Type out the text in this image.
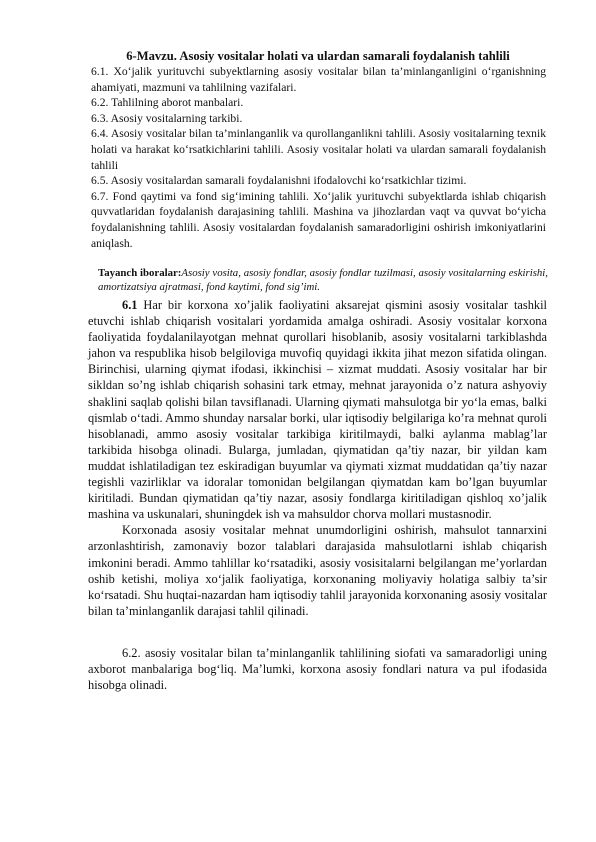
6-Mavzu. Asosiy vositalar holati va ulardan samarali foydalanish tahlili

6.1. Xo‘jalik yurituvchi subyektlarning asosiy vositalar bilan ta’minlanganligini o‘rganishning ahamiyati, mazmuni va tahlilning vazifalari.

6.2. Tahlilning aborot manbalari.

6.3. Asosiy vositalarning tarkibi.

6.4. Asosiy vositalar bilan ta’minlanganlik va qurollanganlikni tahlili. Asosiy vositalarning texnik holati va harakat ko‘rsatkichlarini tahlili. Asosiy vositalar holati va ulardan samarali foydalanish tahlili

6.5. Asosiy vositalardan samarali foydalanishni ifodalovchi ko‘rsatkichlar tizimi.

6.7. Fond qaytimi va fond sig‘imining tahlili. Xo‘jalik yurituvchi subyektlarda ishlab chiqarish quvvatlaridan foydalanish darajasining tahlili. Mashina va jihozlardan vaqt va quvvat bo‘yicha foydalanishning tahlili. Asosiy vositalardan foydalanish samaradorligini oshirish imkoniyatlarini aniqlash.

Tayanch iboralar:Asosiy vosita, asosiy fondlar, asosiy fondlar tuzilmasi, asosiy vositalarning eskirishi, amortizatsiya ajratmasi, fond kaytimi, fond sig’imi.

6.1 Har bir korxona xo’jalik faoliyatini aksarejat qismini asosiy vositalar tashkil etuvchi ishlab chiqarish vositalari yordamida amalga oshiradi. Asosiy vositalar korxona faoliyatida foydalanilayotgan mehnat qurollari hisoblanib, asosiy vositalarni tarkiblashda jahon va respublika hisob belgiloviga muvofiq quyidagi ikkita jihat mezon sifatida olingan. Birinchisi, ularning qiymat ifodasi, ikkinchisi – xizmat muddati. Asosiy vositalar har bir sikldan so’ng ishlab chiqarish sohasini tark etmay, mehnat jarayonida o’z natura ashyoviy shaklini saqlab qolishi bilan tavsiflanadi. Ularning qiymati mahsulotga bir yo‘la emas, balki qismlab o‘tadi. Ammo shunday narsalar borki, ular iqtisodiy belgilariga ko’ra mehnat quroli hisoblanadi, ammo asosiy vositalar tarkibiga kiritilmaydi, balki aylanma mablag’lar tarkibida hisobga olinadi. Bularga, jumladan, qiymatidan qa’tiy nazar, bir yildan kam muddat ishlatiladigan tez eskiradigan buyumlar va qiymati xizmat muddatidan qa’tiy nazar tegishli vazirliklar va idoralar tomonidan belgilangan qiymatdan kam bo’lgan buyumlar kiritiladi. Bundan qiymatidan qa’tiy nazar, asosiy fondlarga kiritiladigan qishloq xo’jalik mashina va uskunalari, shuningdek ish va mahsuldor chorva mollari mustasnodir.

Korxonada asosiy vositalar mehnat unumdorligini oshirish, mahsulot tannarxini arzonlashtirish, zamonaviy bozor talablari darajasida mahsulotlarni ishlab chiqarish imkonini beradi. Ammo tahlillar ko‘rsatadiki, asosiy vosisitalarni belgilangan me’yorlardan oshib ketishi, moliya xo‘jalik faoliyatiga, korxonaning moliyaviy holatiga salbiy ta’sir ko‘rsatadi. Shu huqtai-nazardan ham iqtisodiy tahlil jarayonida korxonaning asosiy vositalar bilan ta’minlanganlik darajasi tahlil qilinadi.

6.2. asosiy vositalar bilan ta’minlanganlik tahlilining siofati va samaradorligi uning axborot manbalariga bog‘liq. Ma’lumki, korxona asosiy fondlari natura va pul ifodasida hisobga olinadi.
